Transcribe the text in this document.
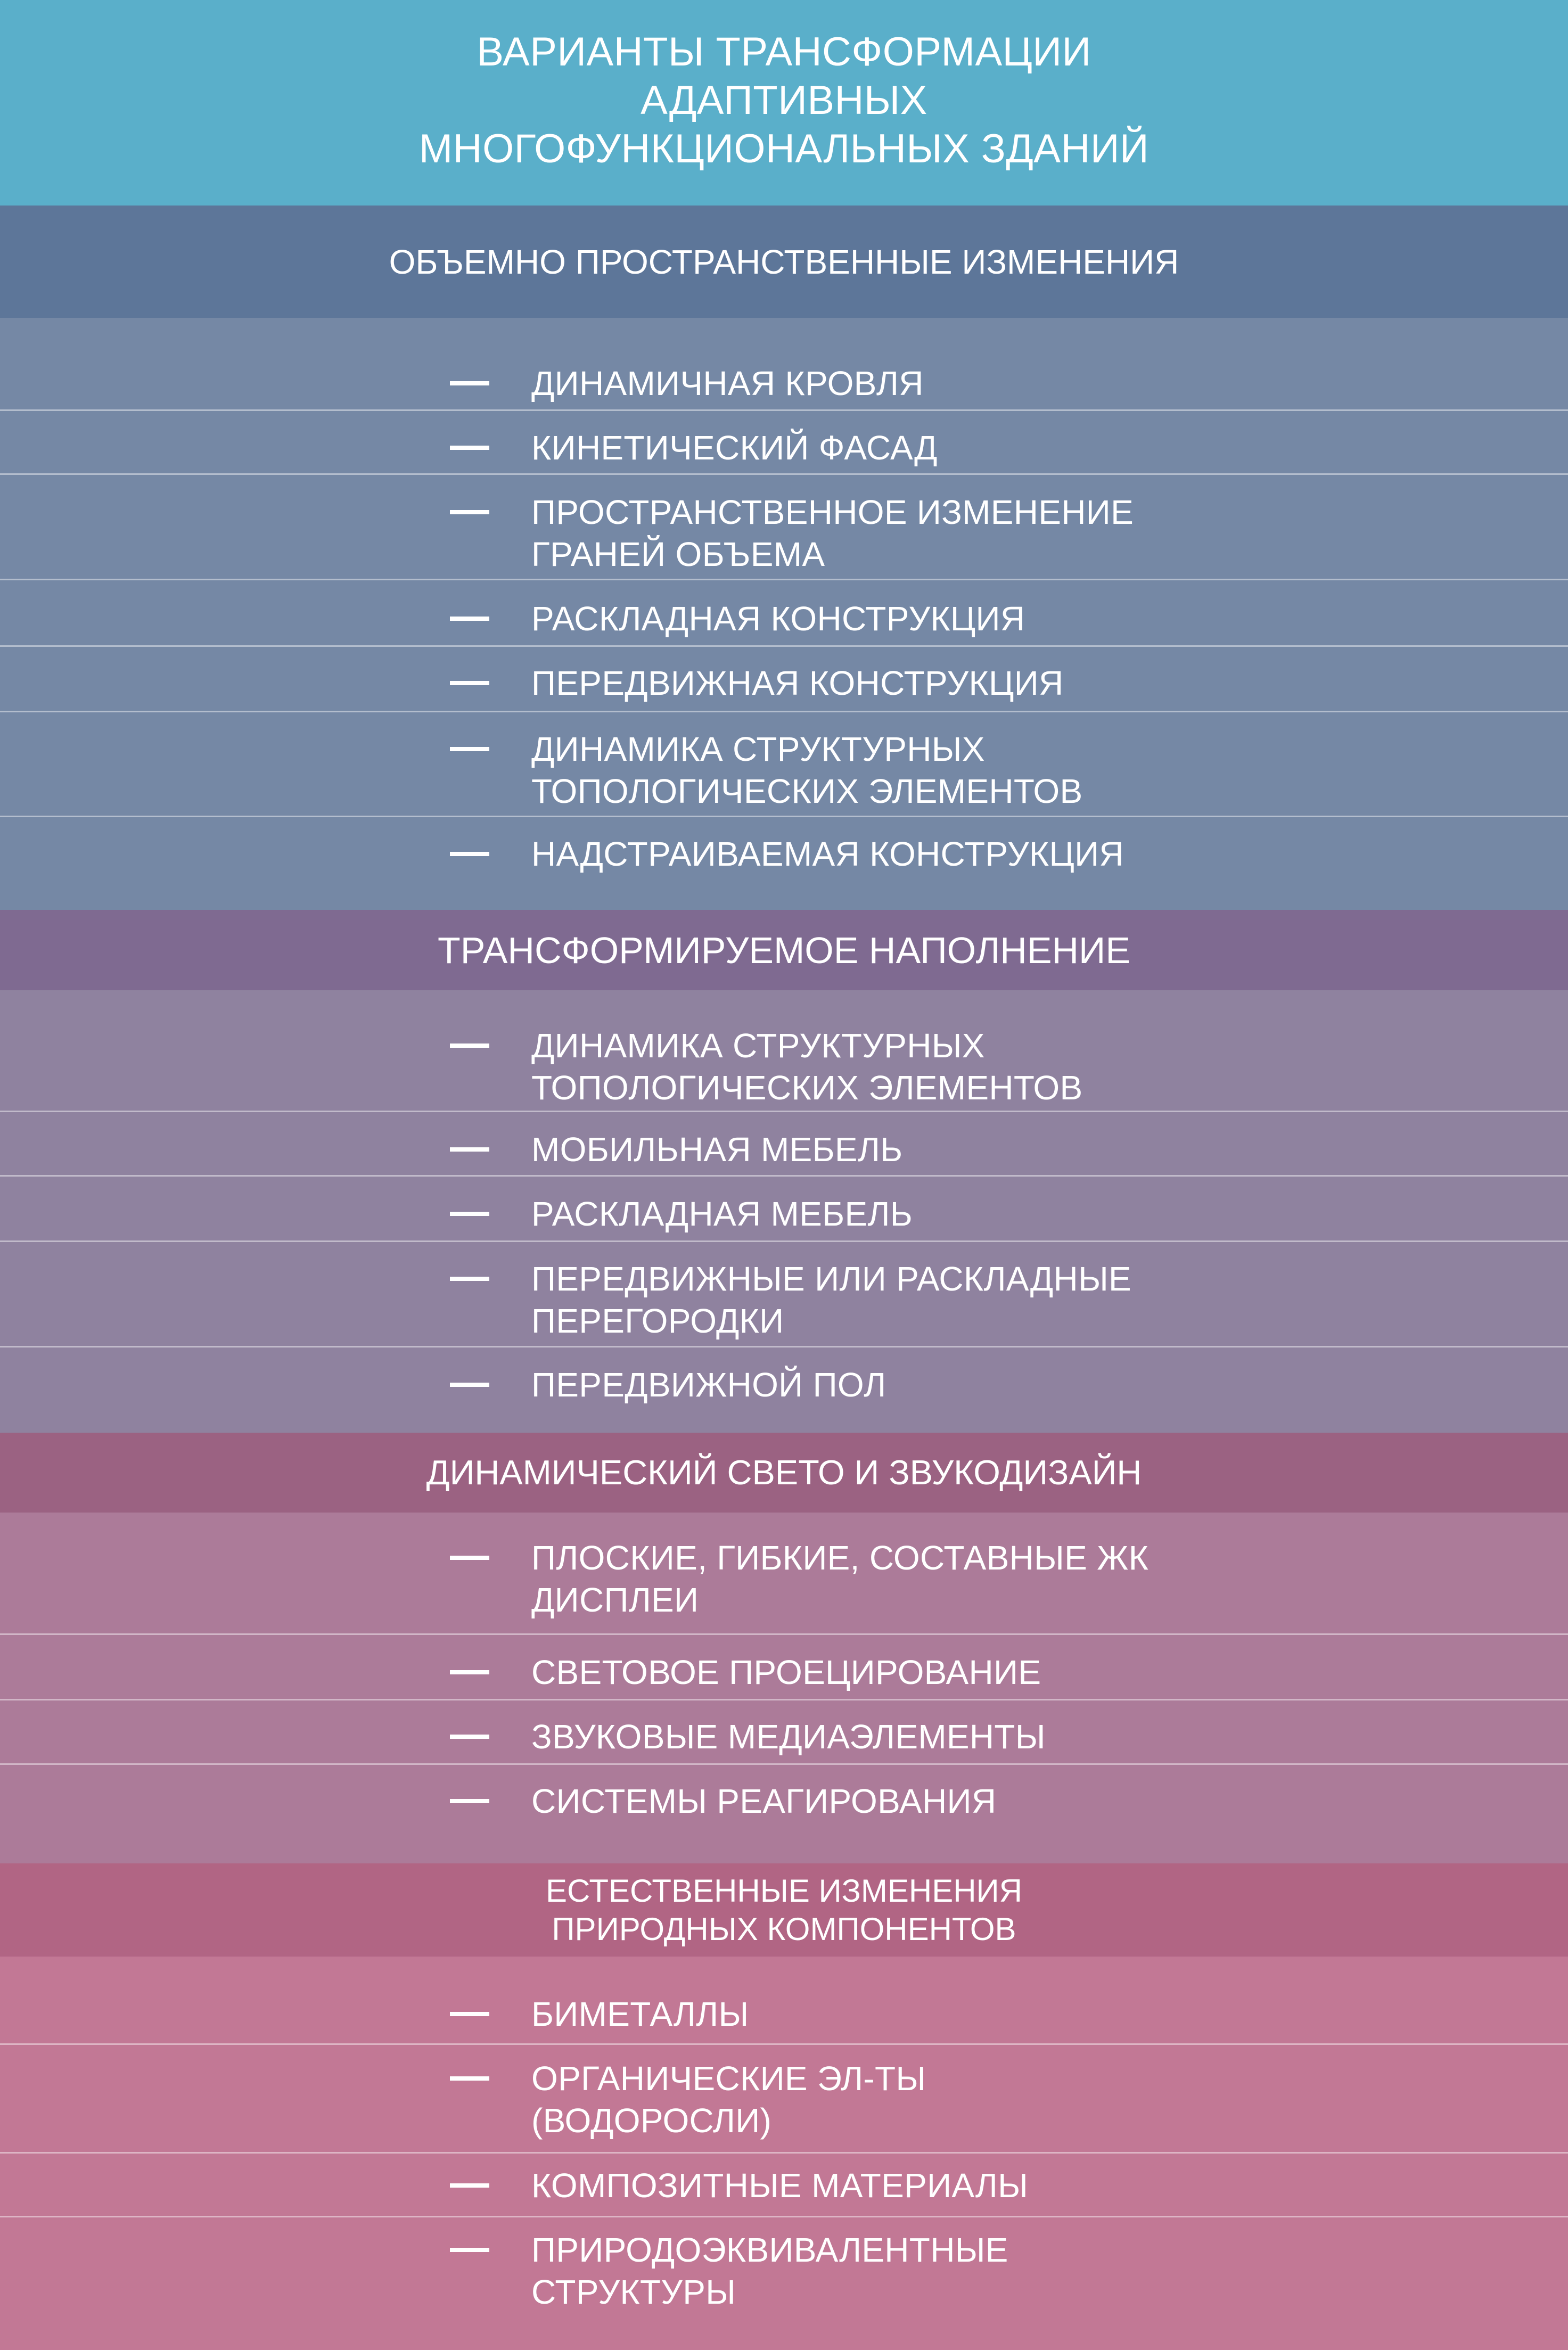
ВАРИАНТЫ ТРАНСФОРМАЦИИ
АДАПТИВНЫХ
МНОГОФУНКЦИОНАЛЬНЫХ ЗДАНИЙ
ОБЪЕМНО ПРОСТРАНСТВЕННЫЕ ИЗМЕНЕНИЯ
ДИНАМИЧНАЯ КРОВЛЯ
КИНЕТИЧЕСКИЙ ФАСАД
ПРОСТРАНСТВЕННОЕ ИЗМЕНЕНИЕ
ГРАНЕЙ ОБЪЕМА
РАСКЛАДНАЯ КОНСТРУКЦИЯ
ПЕРЕДВИЖНАЯ КОНСТРУКЦИЯ
ДИНАМИКА СТРУКТУРНЫХ
ТОПОЛОГИЧЕСКИХ ЭЛЕМЕНТОВ
НАДСТРАИВАЕМАЯ КОНСТРУКЦИЯ
ТРАНСФОРМИРУЕМОЕ НАПОЛНЕНИЕ
ДИНАМИКА СТРУКТУРНЫХ
ТОПОЛОГИЧЕСКИХ ЭЛЕМЕНТОВ
МОБИЛЬНАЯ МЕБЕЛЬ
РАСКЛАДНАЯ МЕБЕЛЬ
ПЕРЕДВИЖНЫЕ ИЛИ РАСКЛАДНЫЕ
ПЕРЕГОРОДКИ
ПЕРЕДВИЖНОЙ ПОЛ
ДИНАМИЧЕСКИЙ СВЕТО И ЗВУКОДИЗАЙН
ПЛОСКИЕ, ГИБКИЕ, СОСТАВНЫЕ ЖК
ДИСПЛЕИ
СВЕТОВОЕ ПРОЕЦИРОВАНИЕ
ЗВУКОВЫЕ МЕДИАЭЛЕМЕНТЫ
СИСТЕМЫ РЕАГИРОВАНИЯ
ЕСТЕСТВЕННЫЕ ИЗМЕНЕНИЯ
ПРИРОДНЫХ КОМПОНЕНТОВ
БИМЕТАЛЛЫ
ОРГАНИЧЕСКИЕ ЭЛ-ТЫ
(ВОДОРОСЛИ)
КОМПОЗИТНЫЕ МАТЕРИАЛЫ
ПРИРОДОЭКВИВАЛЕНТНЫЕ
СТРУКТУРЫ
